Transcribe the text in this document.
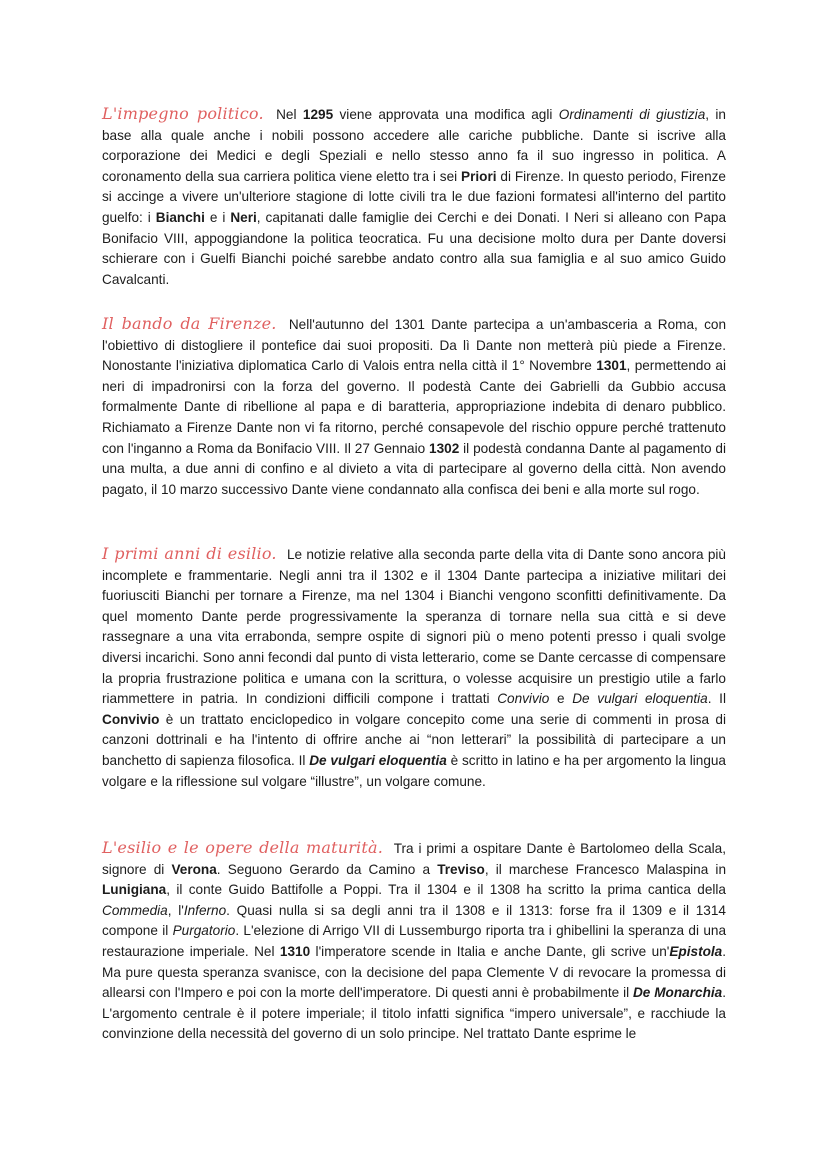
L'impegno politico. Nel 1295 viene approvata una modifica agli Ordinamenti di giustizia, in base alla quale anche i nobili possono accedere alle cariche pubbliche. Dante si iscrive alla corporazione dei Medici e degli Speziali e nello stesso anno fa il suo ingresso in politica. A coronamento della sua carriera politica viene eletto tra i sei Priori di Firenze. In questo periodo, Firenze si accinge a vivere un'ulteriore stagione di lotte civili tra le due fazioni formatesi all'interno del partito guelfo: i Bianchi e i Neri, capitanati dalle famiglie dei Cerchi e dei Donati. I Neri si alleano con Papa Bonifacio VIII, appoggiandone la politica teocratica. Fu una decisione molto dura per Dante doversi schierare con i Guelfi Bianchi poiché sarebbe andato contro alla sua famiglia e al suo amico Guido Cavalcanti.

Il bando da Firenze. Nell'autunno del 1301 Dante partecipa a un'ambasceria a Roma, con l'obiettivo di distogliere il pontefice dai suoi propositi. Da lì Dante non metterà più piede a Firenze. Nonostante l'iniziativa diplomatica Carlo di Valois entra nella città il 1° Novembre 1301, permettendo ai neri di impadronirsi con la forza del governo. Il podestà Cante dei Gabrielli da Gubbio accusa formalmente Dante di ribellione al papa e di baratteria, appropriazione indebita di denaro pubblico. Richiamato a Firenze Dante non vi fa ritorno, perché consapevole del rischio oppure perché trattenuto con l'inganno a Roma da Bonifacio VIII. Il 27 Gennaio 1302 il podestà condanna Dante al pagamento di una multa, a due anni di confino e al divieto a vita di partecipare al governo della città. Non avendo pagato, il 10 marzo successivo Dante viene condannato alla confisca dei beni e alla morte sul rogo.

I primi anni di esilio. Le notizie relative alla seconda parte della vita di Dante sono ancora più incomplete e frammentarie. Negli anni tra il 1302 e il 1304 Dante partecipa a iniziative militari dei fuoriusciti Bianchi per tornare a Firenze, ma nel 1304 i Bianchi vengono sconfitti definitivamente. Da quel momento Dante perde progressivamente la speranza di tornare nella sua città e si deve rassegnare a una vita errabonda, sempre ospite di signori più o meno potenti presso i quali svolge diversi incarichi. Sono anni fecondi dal punto di vista letterario, come se Dante cercasse di compensare la propria frustrazione politica e umana con la scrittura, o volesse acquisire un prestigio utile a farlo riammettere in patria. In condizioni difficili compone i trattati Convivio e De vulgari eloquentia. Il Convivio è un trattato enciclopedico in volgare concepito come una serie di commenti in prosa di canzoni dottrinali e ha l'intento di offrire anche ai “non letterari” la possibilità di partecipare a un banchetto di sapienza filosofica. Il De vulgari eloquentia è scritto in latino e ha per argomento la lingua volgare e la riflessione sul volgare “illustre”, un volgare comune.

L'esilio e le opere della maturità. Tra i primi a ospitare Dante è Bartolomeo della Scala, signore di Verona. Seguono Gerardo da Camino a Treviso, il marchese Francesco Malaspina in Lunigiana, il conte Guido Battifolle a Poppi. Tra il 1304 e il 1308 ha scritto la prima cantica della Commedia, l'Inferno. Quasi nulla si sa degli anni tra il 1308 e il 1313: forse fra il 1309 e il 1314 compone il Purgatorio. L'elezione di Arrigo VII di Lussemburgo riporta tra i ghibellini la speranza di una restaurazione imperiale. Nel 1310 l'imperatore scende in Italia e anche Dante, gli scrive un'Epistola. Ma pure questa speranza svanisce, con la decisione del papa Clemente V di revocare la promessa di allearsi con l'Impero e poi con la morte dell'imperatore. Di questi anni è probabilmente il De Monarchia. L'argomento centrale è il potere imperiale; il titolo infatti significa “impero universale”, e racchiude la convinzione della necessità del governo di un solo principe. Nel trattato Dante esprime le
